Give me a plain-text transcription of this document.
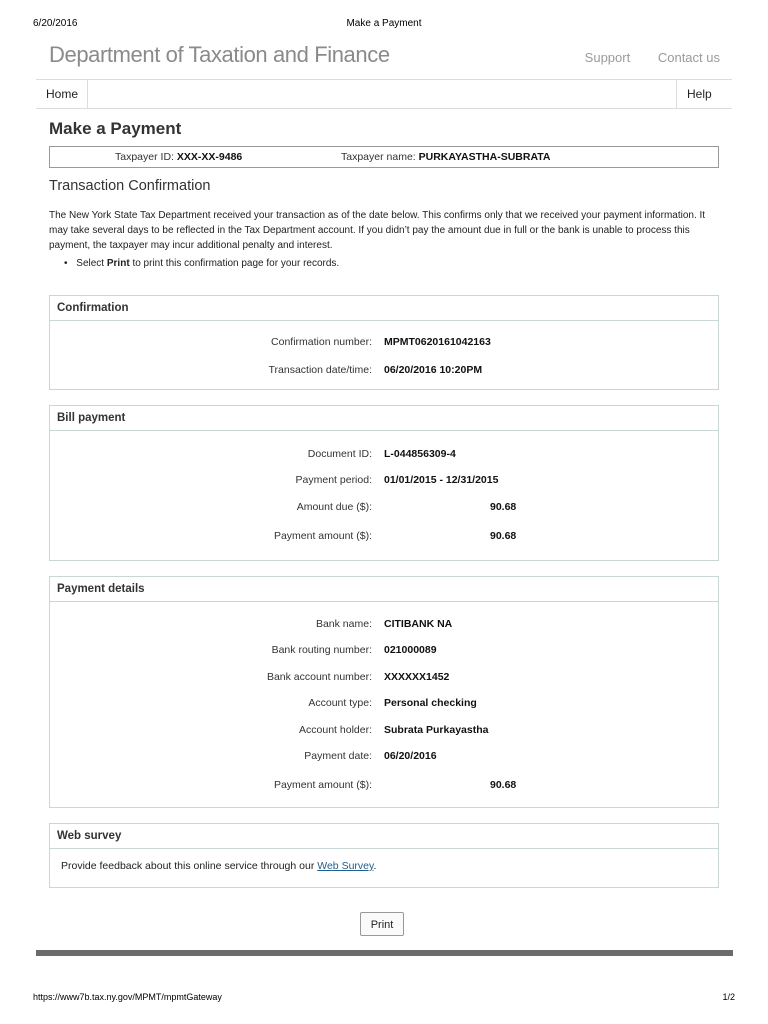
6/20/2016	Make a Payment
Department of Taxation and Finance	Support Contact us
Home	Help
Make a Payment
Taxpayer ID: XXX-XX-9486	Taxpayer name: PURKAYASTHA-SUBRATA
Transaction Confirmation

The New York State Tax Department received your transaction as of the date below. This confirms only that we received your payment information. It may take several days to be reflected in the Tax Department account. If you didn’t pay the amount due in full or the bank is unable to process this payment, the taxpayer may incur additional penalty and interest.

• Select Print to print this confirmation page for your records.
Confirmation
Confirmation number: MPMT0620161042163
Transaction date/time: 06/20/2016 10:20PM
Bill payment
Document ID: L-044856309-4
Payment period: 01/01/2015 - 12/31/2015
Amount due ($):	90.68
Payment amount ($):	90.68
Payment details
Bank name: CITIBANK NA
Bank routing number: 021000089
Bank account number: XXXXXX1452
Account type: Personal checking
Account holder: Subrata Purkayastha
Payment date: 06/20/2016
Payment amount ($):	90.68
Web survey
Provide feedback about this online service through our Web Survey.
Print
https://www7b.tax.ny.gov/MPMT/mpmtGateway	1/2
